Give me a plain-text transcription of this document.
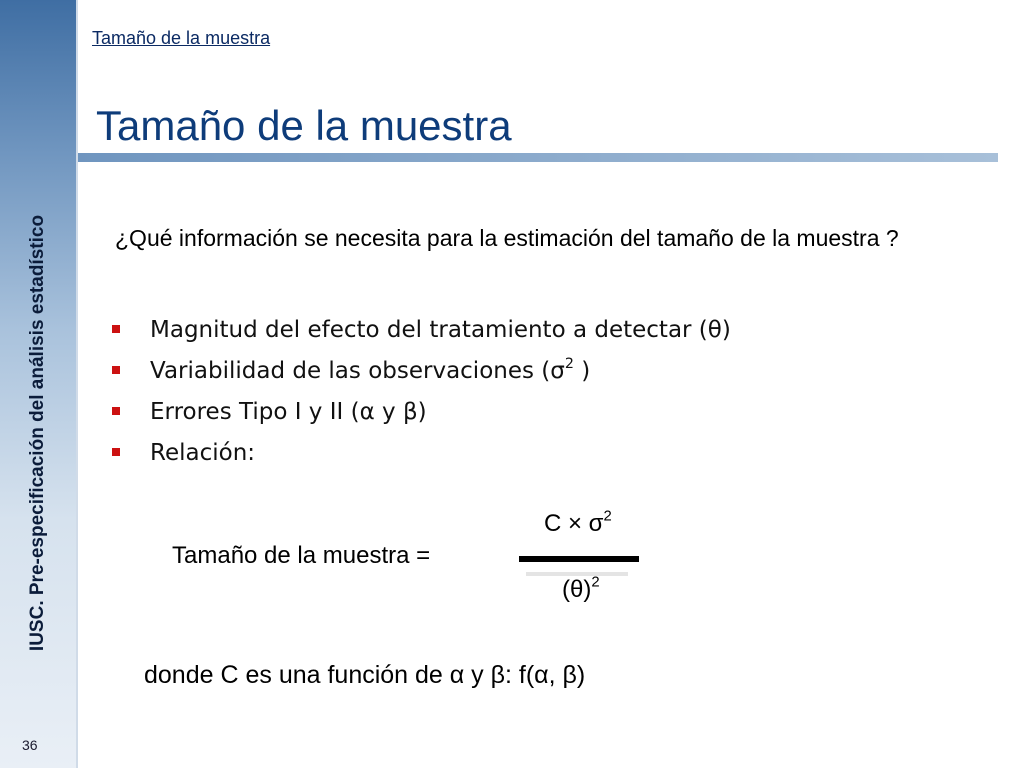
IUSC. Pre-especificación del análisis estadístico
36
Tamaño de la muestra
Tamaño de la muestra
¿Qué información se necesita para la estimación del tamaño de la muestra ?
Magnitud del efecto del tratamiento a detectar (θ)
Variabilidad de las observaciones ($\sigma^2$ )
Errores Tipo I y II (α y β)
Relación:
Tamaño de la muestra =
$C \times \sigma^2$
$(\theta)^2$
donde C es una función de α y β: f(α, β)
